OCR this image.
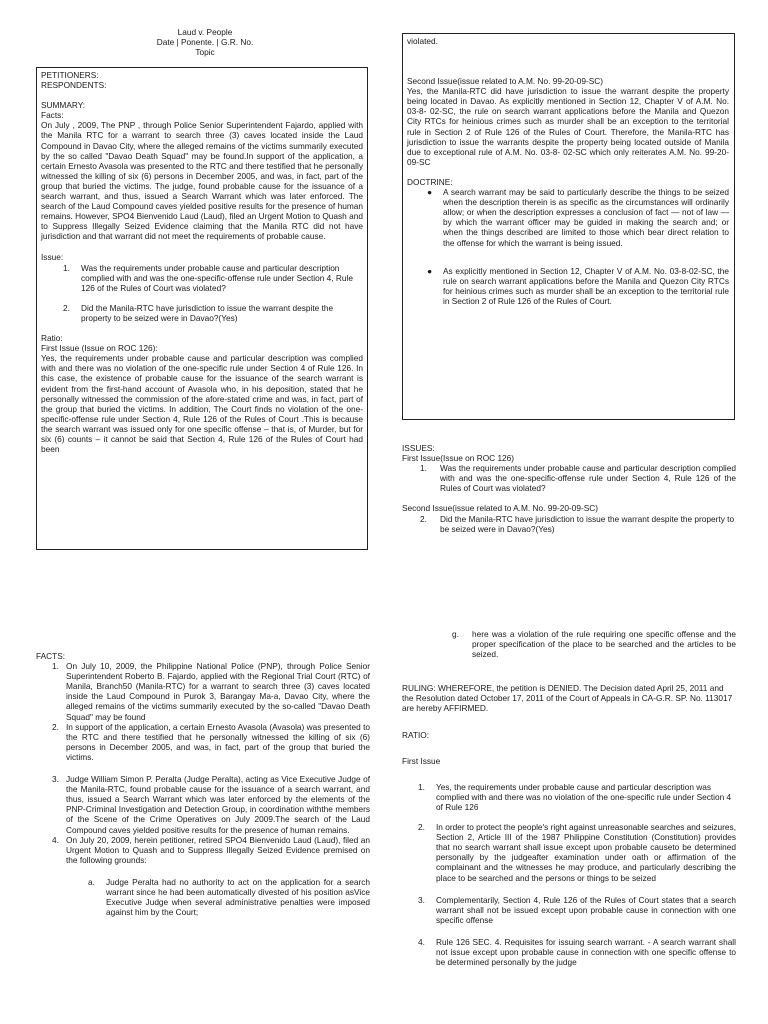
Laud v. People

Date | Ponente. | G.R. No.

Topic

PETITIONERS:

RESPONDENTS:

SUMMARY:

Facts:

On July , 2009, The PNP , through Police Senior Superintendent Fajardo, applied with the Manila RTC for a warrant to search three (3) caves located inside the Laud Compound in Davao City, where the alleged remains of the victims summarily executed by the so called "Davao Death Squad" may be found.In support of the application, a certain Ernesto Avasola was presented to the RTC and there testified that he personally witnessed the killing of six (6) persons in December 2005, and was, in fact, part of the group that buried the victims. The judge, found probable cause for the issuance of a search warrant, and thus, issued a Search Warrant which was later enforced. The search of the Laud Compound caves yielded positive results for the presence of human remains. However, SPO4 Bienvenido Laud (Laud), filed an Urgent Motion to Quash and to Suppress Illegally Seized Evidence claiming that the Manila RTC did not have jurisdiction and that warrant did not meet the requirements of probable cause.

Issue:

1. Was the requirements under probable cause and particular description complied with and was the one-specific-offense rule under Section 4, Rule 126 of the Rules of Court was violated?

2. Did the Manila-RTC have jurisdiction to issue the warrant despite the property to be seized were in Davao?(Yes)

Ratio:

First Issue (Issue on ROC 126):

Yes, the requirements under probable cause and particular description was complied with and there was no violation of the one-specific rule under Section 4 of Rule 126. In this case, the existence of probable cause for the issuance of the search warrant is evident from the first-hand account of Avasola who, in his deposition, stated that he personally witnessed the commission of the afore-stated crime and was, in fact, part of the group that buried the victims. In addition, The Court finds no violation of the one-specific-offense rule under Section 4, Rule 126 of the Rules of Court .This is because the search warrant was issued only for one specific offense – that is, of Murder, but for six (6) counts – it cannot be said that Section 4, Rule 126 of the Rules of Court had been

violated.

Second Issue(issue related to A.M. No. 99-20-09-SC)

Yes, the Manila-RTC did have jurisdiction to issue the warrant despite the property being located in Davao. As explicitly mentioned in Section 12, Chapter V of A.M. No. 03-8- 02-SC, the rule on search warrant applications before the Manila and Quezon City RTCs for heinious crimes such as murder shall be an exception to the territorial rule in Section 2 of Rule 126 of the Rules of Court. Therefore, the Manila-RTC has jurisdiction to issue the warrants despite the property being located outside of Manila due to exceptional rule of A.M. No. 03-8- 02-SC which only reiterates A.M. No. 99-20-09-SC

DOCTRINE:

● A search warrant may be said to particularly describe the things to be seized when the description therein is as specific as the circumstances will ordinarily allow; or when the description expresses a conclusion of fact — not of law — by which the warrant officer may be guided in making the search and; or when the things described are limited to those which bear direct relation to the offense for which the warrant is being issued.

● As explicitly mentioned in Section 12, Chapter V of A.M. No. 03-8-02-SC, the rule on search warrant applications before the Manila and Quezon City RTCs for heinious crimes such as murder shall be an exception to the territorial rule in Section 2 of Rule 126 of the Rules of Court.

ISSUES:

First Issue(Issue on ROC 126)

1. Was the requirements under probable cause and particular description complied with and was the one-specific-offense rule under Section 4, Rule 126 of the Rules of Court was violated?

Second Issue(issue related to A.M. No. 99-20-09-SC)

2. Did the Manila-RTC have jurisdiction to issue the warrant despite the property to be seized were in Davao?(Yes)

FACTS:

1. On July 10, 2009, the Philippine National Police (PNP), through Police Senior Superintendent Roberto B. Fajardo, applied with the Regional Trial Court (RTC) of Manila, Branch50 (Manila-RTC) for a warrant to search three (3) caves located inside the Laud Compound in Purok 3, Barangay Ma-a, Davao City, where the alleged remains of the victims summarily executed by the so-called "Davao Death Squad" may be found

2. In support of the application, a certain Ernesto Avasola (Avasola) was presented to the RTC and there testified that he personally witnessed the killing of six (6) persons in December 2005, and was, in fact, part of the group that buried the victims.

3. Judge William Simon P. Peralta (Judge Peralta), acting as Vice Executive Judge of the Manila-RTC, found probable cause for the issuance of a search warrant, and thus, issued a Search Warrant which was later enforced by the elements of the PNP-Criminal Investigation and Detection Group, in coordination withthe members of the Scene of the Crime Operatives on July 2009.The search of the Laud Compound caves yielded positive results for the presence of human remains.

4. On July 20, 2009, herein petitioner, retired SPO4 Bienvenido Laud (Laud), filed an Urgent Motion to Quash and to Suppress Illegally Seized Evidence premised on the following grounds:

a. Judge Peralta had no authority to act on the application for a search warrant since he had been automatically divested of his position asVice Executive Judge when several administrative penalties were imposed against him by the Court;

g.	here was a violation of the rule requiring one specific offense and the proper specification of the place to be searched and the articles to be seized.

RULING: WHEREFORE, the petition is DENIED. The Decision dated April 25, 2011 and the Resolution dated October 17, 2011 of the Court of Appeals in CA-G.R. SP. No. 113017 are hereby AFFIRMED.

RATIO:

First Issue

1. Yes, the requirements under probable cause and particular description was complied with and there was no violation of the one-specific rule under Section 4 of Rule 126

2. In order to protect the people's right against unreasonable searches and seizures, Section 2, Article III of the 1987 Philippine Constitution (Constitution) provides that no search warrant shall issue except upon probable causeto be determined personally by the judgeafter examination under oath or affirmation of the complainant and the witnesses he may produce, and particularly describing the place to be searched and the persons or things to be seized

3. Complementarily, Section 4, Rule 126 of the Rules of Court states that a search warrant shall not be issued except upon probable cause in connection with one specific offense

4. Rule 126 SEC. 4. Requisites for issuing search warrant. - A search warrant shall not issue except upon probable cause in connection with one specific offense to be determined personally by the judge
